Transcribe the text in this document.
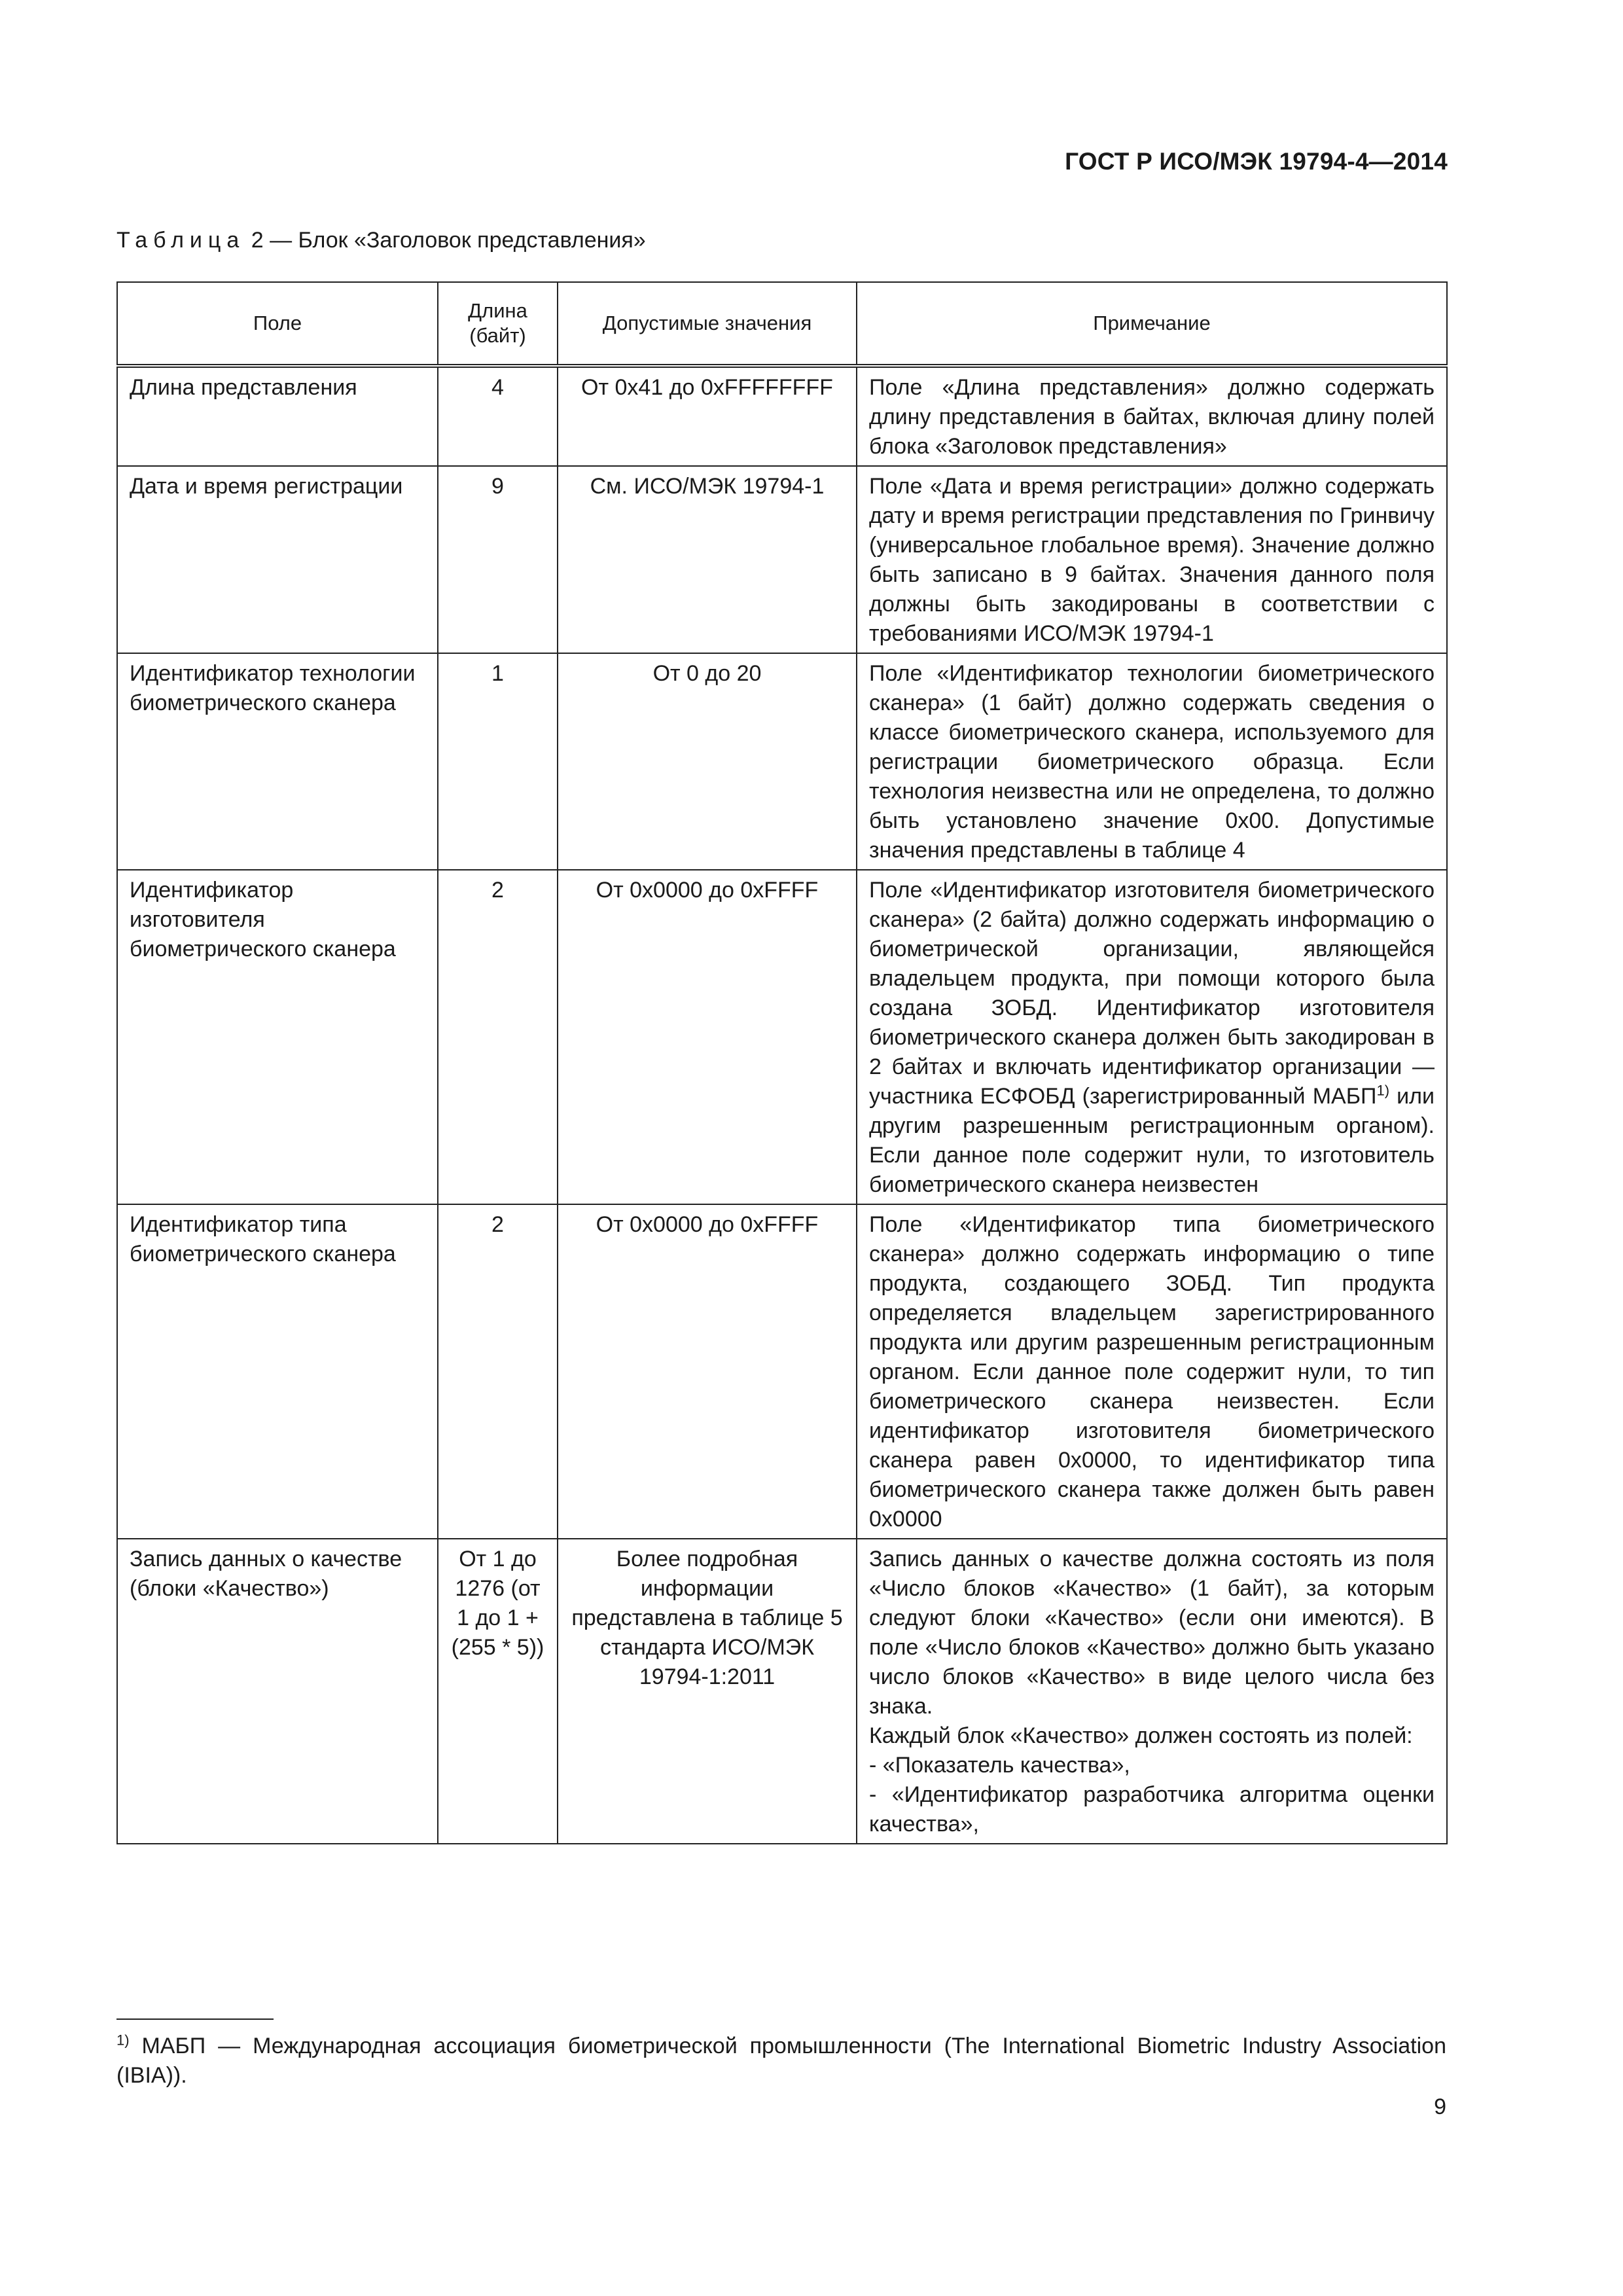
ГОСТ Р ИСО/МЭК 19794-4—2014
Таблица 2 — Блок «Заголовок представления»
Поле	Длина (байт)	Допустимые значения	Примечание
Длина представления	4	От 0x41 до 0xFFFFFFFF	Поле «Длина представления» должно содержать длину представления в байтах, включая длину полей блока «Заголовок представления»
Дата и время регистрации	9	См. ИСО/МЭК 19794-1	Поле «Дата и время регистрации» должно содержать дату и время регистрации представления по Гринвичу (универсальное глобальное время). Значение должно быть записано в 9 байтах. Значения данного поля должны быть закодированы в соответствии с требованиями ИСО/МЭК 19794-1
Идентификатор технологии биометрического сканера	1	От 0 до 20	Поле «Идентификатор технологии биометрического сканера» (1 байт) должно содержать сведения о классе биометрического сканера, используемого для регистрации биометрического образца. Если технология неизвестна или не определена, то должно быть установлено значение 0x00. Допустимые значения представлены в таблице 4
Идентификатор изготовителя биометрического сканера	2	От 0x0000 до 0xFFFF	Поле «Идентификатор изготовителя биометрического сканера» (2 байта) должно содержать информацию о биометрической организации, являющейся владельцем продукта, при помощи которого была создана ЗОБД. Идентификатор изготовителя биометрического сканера должен быть закодирован в 2 байтах и включать идентификатор организации — участника ЕСФОБД (зарегистрированный МАБП$^{1)}$ или другим разрешенным регистрационным органом). Если данное поле содержит нули, то изготовитель биометрического сканера неизвестен
Идентификатор типа биометрического сканера	2	От 0x0000 до 0xFFFF	Поле «Идентификатор типа биометрического сканера» должно содержать информацию о типе продукта, создающего ЗОБД. Тип продукта определяется владельцем зарегистрированного продукта или другим разрешенным регистрационным органом. Если данное поле содержит нули, то тип биометрического сканера неизвестен. Если идентификатор изготовителя биометрического сканера равен 0x0000, то идентификатор типа биометрического сканера также должен быть равен 0x0000
Запись данных о качестве (блоки «Качество»)	От 1 до 1276 (от 1 до 1 + (255 * 5))	Более подробная информации представлена в таблице 5 стандарта ИСО/МЭК 19794-1:2011	Запись данных о качестве должна состоять из поля «Число блоков «Качество» (1 байт), за которым следуют блоки «Качество» (если они имеются). В поле «Число блоков «Качество» должно быть указано число блоков «Качество» в виде целого числа без знака.
Каждый блок «Качество» должен состоять из полей:
- «Показатель качества»,
- «Идентификатор разработчика алгоритма оценки качества»,
$^{1)}$ МАБП — Международная ассоциация биометрической промышленности (The International Biometric Industry Association (IBIA)).
9
